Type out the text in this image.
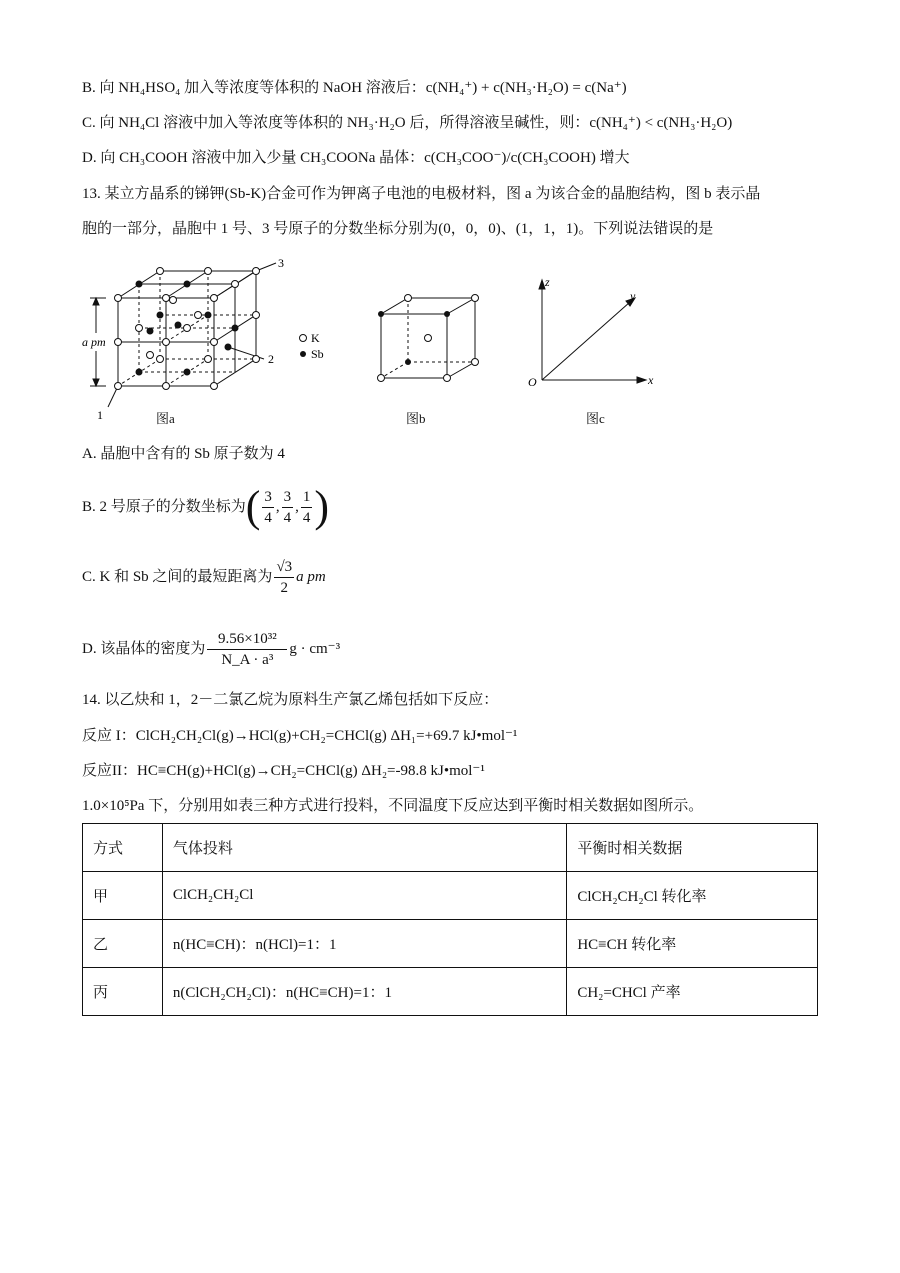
B. 向 NH₄HSO₄ 加入等浓度等体积的 NaOH 溶液后：c(NH₄⁺) + c(NH₃·H₂O) = c(Na⁺)
C. 向 NH₄Cl 溶液中加入等浓度等体积的 NH₃·H₂O 后，所得溶液呈碱性，则：c(NH₄⁺) < c(NH₃·H₂O)
D. 向 CH₃COOH 溶液中加入少量 CH₃COONa 晶体：c(CH₃COO⁻)/c(CH₃COOH) 增大
13. 某立方晶系的锑钾(Sb-K)合金可作为钾离子电池的电极材料，图 a 为该合金的晶胞结构，图 b 表示晶
胞的一部分，晶胞中 1 号、3 号原子的分数坐标分别为(0，0，0)、(1，1，1)。下列说法错误的是
a pm
3
1
2
K
Sb
图a	图b
z
y
x
O
图c
A. 晶胞中含有的 Sb 原子数为 4
B. 2 号原子的分数坐标为 ( $\frac{3}{4}$ , $\frac{3}{4}$ , $\frac{1}{4}$ )
C. K 和 Sb 之间的最短距离为 $\frac{√3}{2}$ a pm
D. 该晶体的密度为 $\frac{\text{9.56×10³²}}{\text{N\_A · a³}}$ g · cm⁻³
14. 以乙炔和 1，2－二氯乙烷为原料生产氯乙烯包括如下反应：
反应 I：ClCH₂CH₂Cl(g)→HCl(g)+CH₂=CHCl(g) ΔH₁=+69.7 kJ•mol⁻¹
反应II：HC≡CH(g)+HCl(g)→CH₂=CHCl(g) ΔH₂=-98.8 kJ•mol⁻¹
1.0×10⁵Pa 下，分别用如表三种方式进行投料，不同温度下反应达到平衡时相关数据如图所示。
方式	气体投料	平衡时相关数据
甲	ClCH₂CH₂Cl	ClCH₂CH₂Cl 转化率
乙	n(HC≡CH)：n(HCl)=1：1	HC≡CH 转化率
丙	n(ClCH₂CH₂Cl)：n(HC≡CH)=1：1	CH₂=CHCl 产率
